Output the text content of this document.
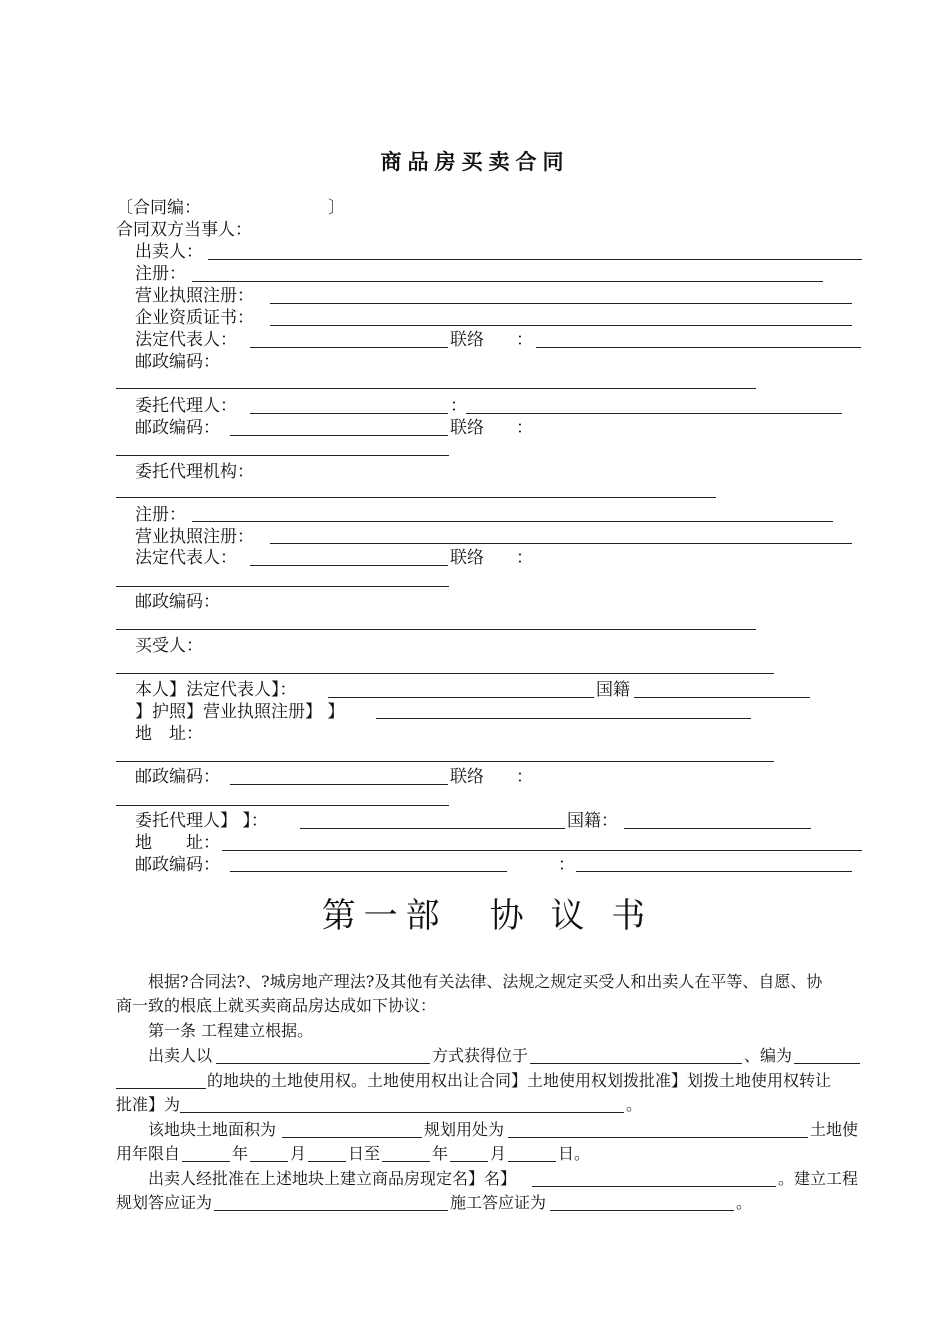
商品房买卖合同
〔合同编：	〕
合同双方当事人：
出卖人：
注册：
营业执照注册：
企业资质证书：
法定代表人：	联络 ：
邮政编码：
委托代理人：	：
邮政编码：	联络 ：
委托代理机构：
注册：
营业执照注册：
法定代表人：	联络 ：
邮政编码：
买受人：
本人】法定代表人】：	国籍
】护照】营业执照注册】 】
地　址：
邮政编码：	联络 ：
委托代理人】 】：	国籍：
地　　址：
邮政编码：	：
第一部　协 议 书
根据?合同法?、?城房地产理法?及其他有关法律、法规之规定买受人和出卖人在平等、自愿、协
商一致的根底上就买卖商品房达成如下协议：
第一条 工程建立根据。
出卖人以	方式获得位于	、编为
的地块的土地使用权。土地使用权出让合同】土地使用权划拨批准】划拨土地使用权转让
批准】为	。
该地块土地面积为	规划用处为	土地使
用年限自	年	月	日至	年	月	日。
出卖人经批准在上述地块上建立商品房现定名】名】	。建立工程
规划答应证为	施工答应证为	。
